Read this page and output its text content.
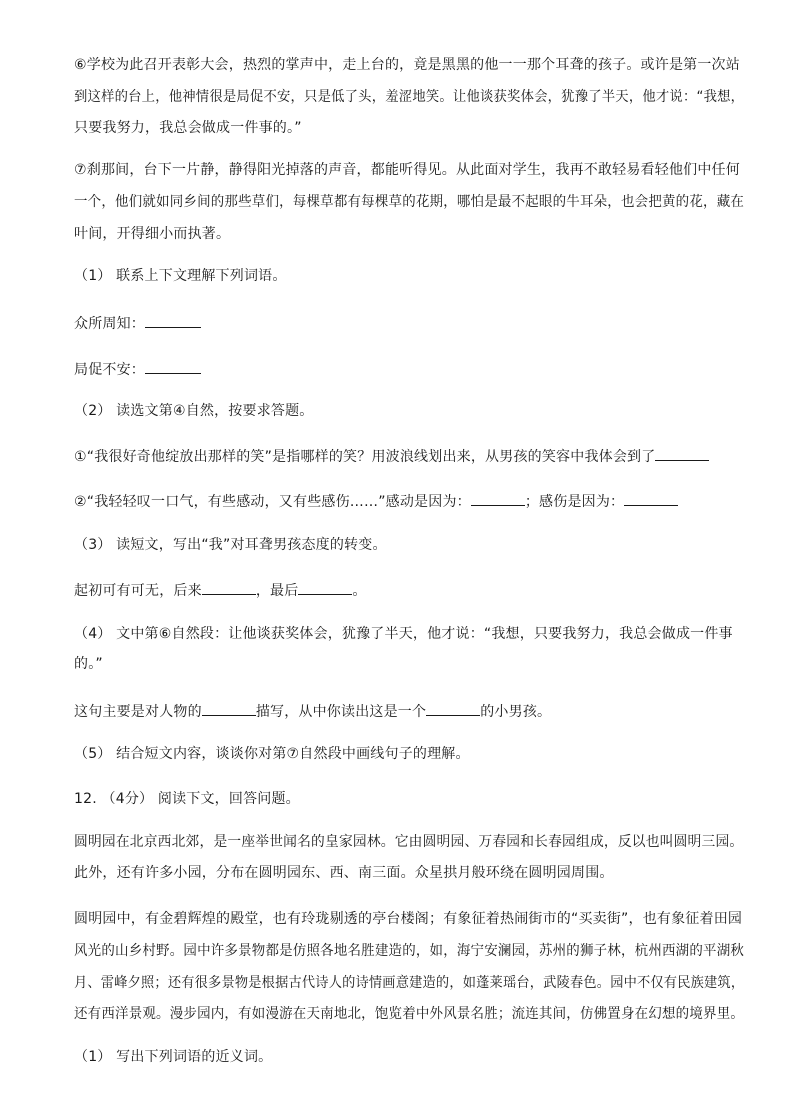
⑥学校为此召开表彰大会，热烈的掌声中，走上台的，竟是黑黑的他一一那个耳聋的孩子。或许是第一次站
到这样的台上，他神情很是局促不安，只是低了头，羞涩地笑。让他谈获奖体会，犹豫了半天，他才说：“我想，
只要我努力，我总会做成一件事的。”
⑦刹那间，台下一片静，静得阳光掉落的声音，都能听得见。从此面对学生，我再不敢轻易看轻他们中任何
一个，他们就如同乡间的那些草们，每棵草都有每棵草的花期，哪怕是最不起眼的牛耳朵，也会把黄的花，藏在
叶间，开得细小而执著。
（1） 联系上下文理解下列词语。
众所周知：
局促不安：
（2） 读选文第④自然，按要求答题。
①“我很好奇他绽放出那样的笑”是指哪样的笑？用波浪线划出来，从男孩的笑容中我体会到了
②“我轻轻叹一口气，有些感动，又有些感伤……”感动是因为：	；感伤是因为：
（3） 读短文，写出“我”对耳聋男孩态度的转变。
起初可有可无，后来	，最后	。
（4） 文中第⑥自然段：让他谈获奖体会，犹豫了半天，他才说：“我想，只要我努力，我总会做成一件事
的。”
这句主要是对人物的	描写，从中你读出这是一个	的小男孩。
（5） 结合短文内容，谈谈你对第⑦自然段中画线句子的理解。
12. （4分） 阅读下文，回答问题。
圆明园在北京西北郊，是一座举世闻名的皇家园林。它由圆明园、万春园和长春园组成，反以也叫圆明三园。
此外，还有许多小园，分布在圆明园东、西、南三面。众星拱月般环绕在圆明园周围。
圆明园中，有金碧辉煌的殿堂，也有玲珑剔透的亭台楼阁；有象征着热闹街市的“买卖街”，也有象征着田园
风光的山乡村野。园中许多景物都是仿照各地名胜建造的，如，海宁安澜园，苏州的狮子林，杭州西湖的平湖秋
月、雷峰夕照；还有很多景物是根据古代诗人的诗情画意建造的，如蓬莱瑶台，武陵春色。园中不仅有民族建筑，
还有西洋景观。漫步园内，有如漫游在天南地北，饱览着中外风景名胜；流连其间，仿佛置身在幻想的境界里。
（1） 写出下列词语的近义词。
